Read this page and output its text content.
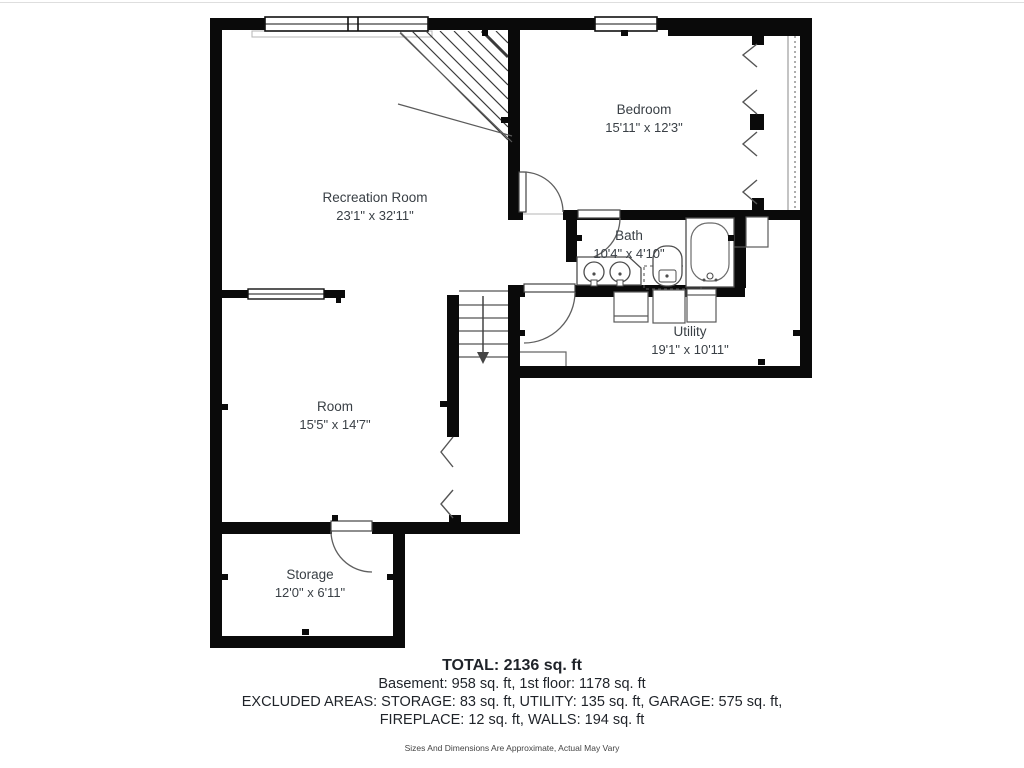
Recreation Room
23'1" x 32'11"
Bedroom
15'11" x 12'3"
Bath
10'4" x 4'10"
Utility
19'1" x 10'11"
Room
15'5" x 14'7"
Storage
12'0" x 6'11"
TOTAL: 2136 sq. ft
Basement: 958 sq. ft, 1st floor: 1178 sq. ft
EXCLUDED AREAS: STORAGE: 83 sq. ft, UTILITY: 135 sq. ft, GARAGE: 575 sq. ft,
FIREPLACE: 12 sq. ft, WALLS: 194 sq. ft
Sizes And Dimensions Are Approximate, Actual May Vary
